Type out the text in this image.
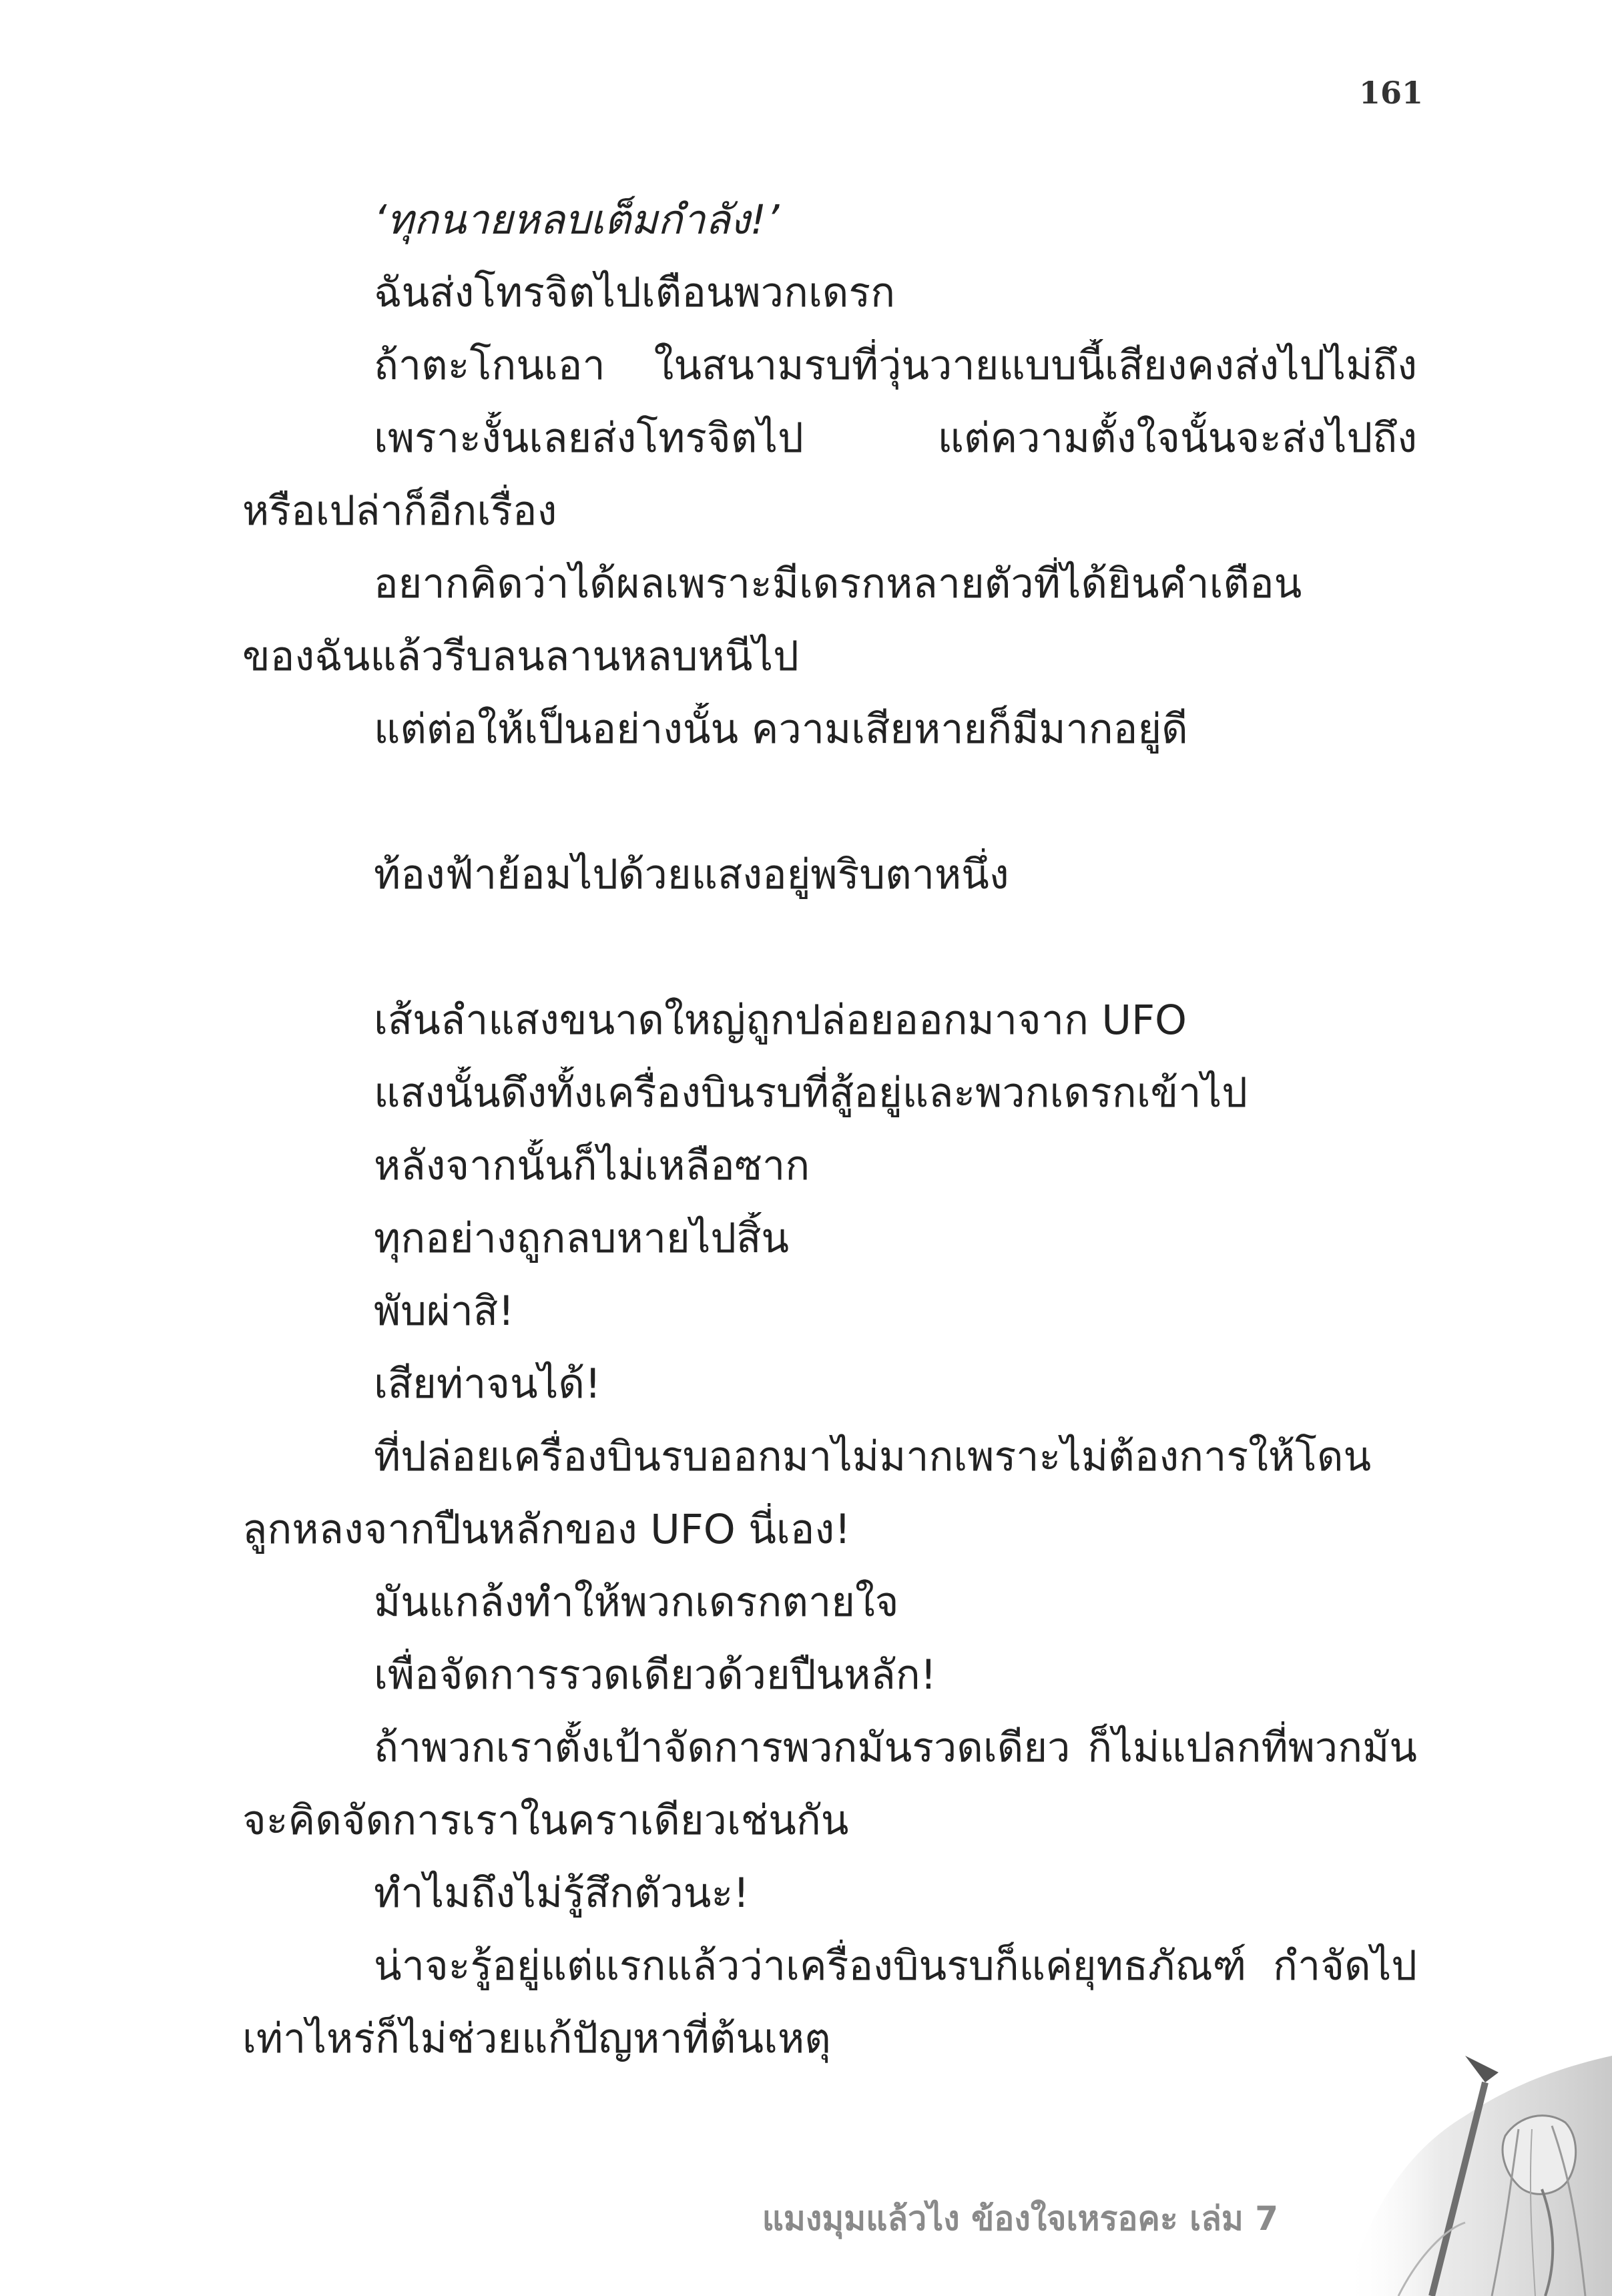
161
‘ทุกนายหลบเต็มกำลัง!’
ฉันส่งโทรจิตไปเตือนพวกเดรก
ถ้าตะโกนเอา ในสนามรบที่วุ่นวายแบบนี้เสียงคงส่งไปไม่ถึง
เพราะงั้นเลยส่งโทรจิตไป แต่ความตั้งใจนั้นจะส่งไปถึง
หรือเปล่าก็อีกเรื่อง
อยากคิดว่าได้ผลเพราะมีเดรกหลายตัวที่ได้ยินคำเตือน
ของฉันแล้วรีบลนลานหลบหนีไป
แต่ต่อให้เป็นอย่างนั้น ความเสียหายก็มีมากอยู่ดี
ท้องฟ้าย้อมไปด้วยแสงอยู่พริบตาหนึ่ง
เส้นลำแสงขนาดใหญ่ถูกปล่อยออกมาจาก UFO
แสงนั้นดึงทั้งเครื่องบินรบที่สู้อยู่และพวกเดรกเข้าไป
หลังจากนั้นก็ไม่เหลือซาก
ทุกอย่างถูกลบหายไปสิ้น
พับผ่าสิ!
เสียท่าจนได้!
ที่ปล่อยเครื่องบินรบออกมาไม่มากเพราะไม่ต้องการให้โดน
ลูกหลงจากปืนหลักของ UFO นี่เอง!
มันแกล้งทำให้พวกเดรกตายใจ
เพื่อจัดการรวดเดียวด้วยปืนหลัก!
ถ้าพวกเราตั้งเป้าจัดการพวกมันรวดเดียว ก็ไม่แปลกที่พวกมัน
จะคิดจัดการเราในคราเดียวเช่นกัน
ทำไมถึงไม่รู้สึกตัวนะ!
น่าจะรู้อยู่แต่แรกแล้วว่าเครื่องบินรบก็แค่ยุทธภัณฑ์ กำจัดไป
เท่าไหร่ก็ไม่ช่วยแก้ปัญหาที่ต้นเหตุ
แมงมุมแล้วไง ข้องใจเหรอคะ เล่ม 7
